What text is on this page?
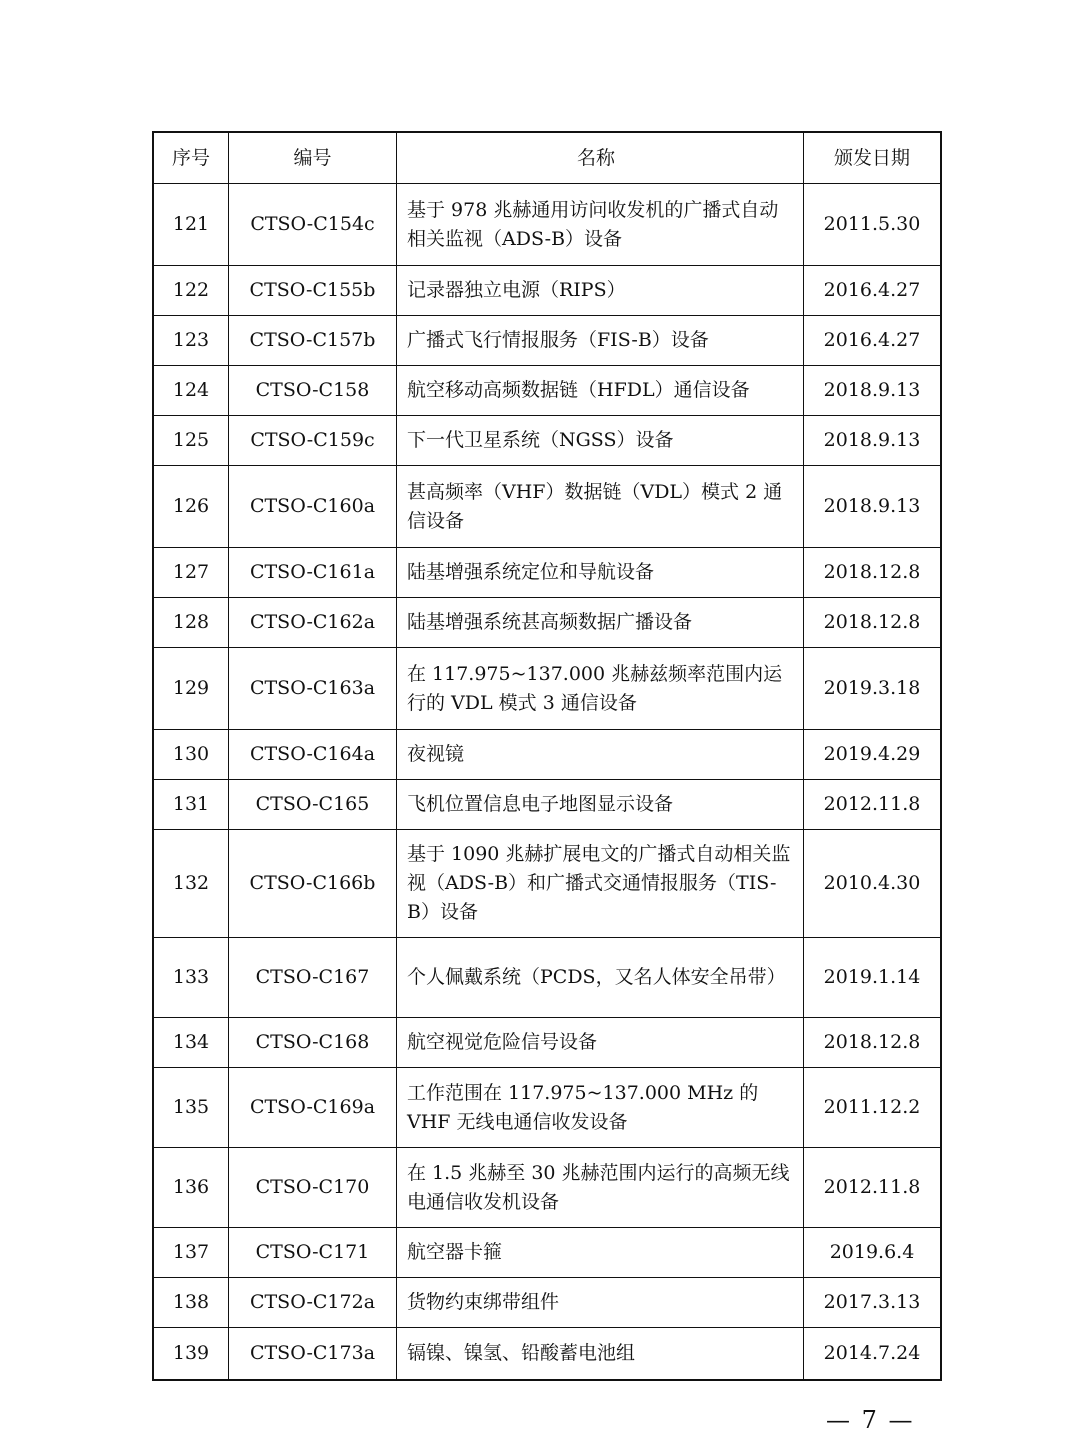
序号	编号	名称	颁发日期
121	CTSO-C154c	基于 978 兆赫通用访问收发机的广播式自动相关监视（ADS-B）设备	2011.5.30
122	CTSO-C155b	记录器独立电源（RIPS）	2016.4.27
123	CTSO-C157b	广播式飞行情报服务（FIS-B）设备	2016.4.27
124	CTSO-C158	航空移动高频数据链（HFDL）通信设备	2018.9.13
125	CTSO-C159c	下一代卫星系统（NGSS）设备	2018.9.13
126	CTSO-C160a	甚高频率（VHF）数据链（VDL）模式 2 通信设备	2018.9.13
127	CTSO-C161a	陆基增强系统定位和导航设备	2018.12.8
128	CTSO-C162a	陆基增强系统甚高频数据广播设备	2018.12.8
129	CTSO-C163a	在 117.975~137.000 兆赫兹频率范围内运行的 VDL 模式 3 通信设备	2019.3.18
130	CTSO-C164a	夜视镜	2019.4.29
131	CTSO-C165	飞机位置信息电子地图显示设备	2012.11.8
132	CTSO-C166b	基于 1090 兆赫扩展电文的广播式自动相关监视（ADS-B）和广播式交通情报服务（TIS-B）设备	2010.4.30
133	CTSO-C167	个人佩戴系统（PCDS，又名人体安全吊带）	2019.1.14
134	CTSO-C168	航空视觉危险信号设备	2018.12.8
135	CTSO-C169a	工作范围在 117.975~137.000 MHz 的 VHF 无线电通信收发设备	2011.12.2
136	CTSO-C170	在 1.5 兆赫至 30 兆赫范围内运行的高频无线电通信收发机设备	2012.11.8
137	CTSO-C171	航空器卡箍	2019.6.4
138	CTSO-C172a	货物约束绑带组件	2017.3.13
139	CTSO-C173a	镉镍、镍氢、铅酸蓄电池组	2014.7.24
— 7 —
